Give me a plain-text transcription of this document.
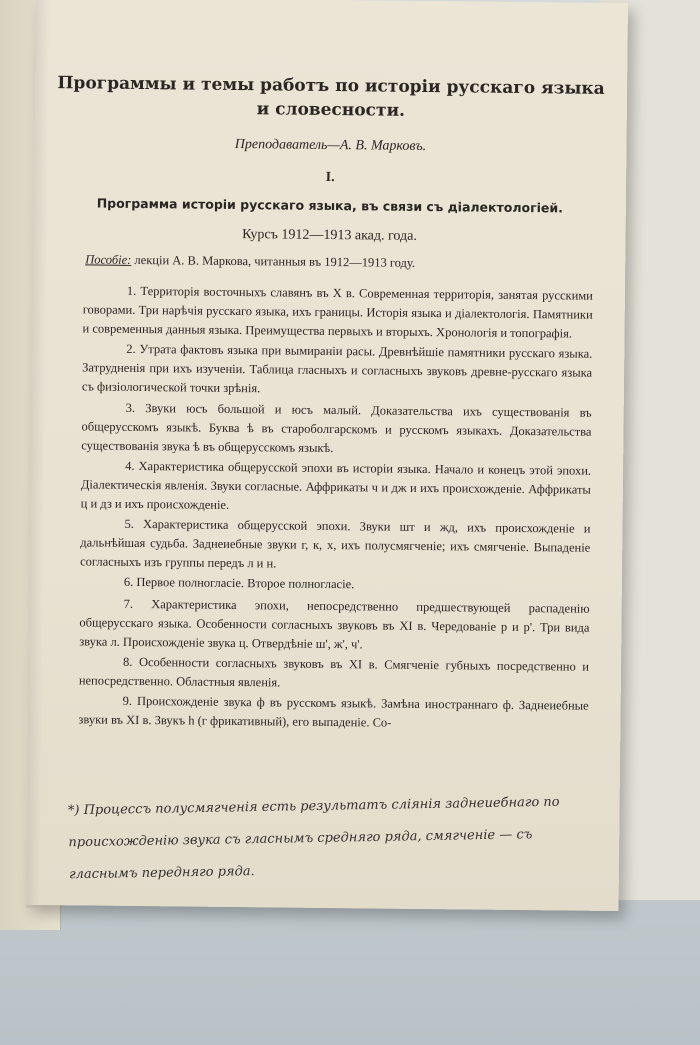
Программы и темы работъ по исторіи русскаго языка и словесности.
Преподаватель—А. В. Марковъ.
I.
Программа исторіи русскаго языка, въ связи съ діалектологіей.
Курсъ 1912—1913 акад. года.
Пособіе: лекціи А. В. Маркова, читанныя въ 1912—1913 году.

1. Территорія восточныхъ славянъ въ X в. Современная территорія, занятая русскими говорами. Три нарѣчія русскаго языка, ихъ границы. Исторія языка и діалектологія. Памятники и современныя данныя языка. Преимущества первыхъ и вторыхъ. Хронологія и топографія.

2. Утрата фактовъ языка при вымираніи расы. Древнѣйшіе памятники русскаго языка. Затрудненія при ихъ изученіи. Таблица гласныхъ и согласныхъ звуковъ древне-русскаго языка съ физіологической точки зрѣнія.

3. Звуки юсъ большой и юсъ малый. Доказательства ихъ существованія въ общерусскомъ языкѣ. Буква ѣ въ староболгарскомъ и русскомъ языкахъ. Доказательства существованія звука ѣ въ общерусскомъ языкѣ.

4. Характеристика общерусской эпохи въ исторіи языка. Начало и конецъ этой эпохи. Діалектическія явленія. Звуки согласные. Аффрикаты ч и дж и ихъ происхожденіе. Аффрикаты ц и дз и ихъ происхожденіе.

5. Характеристика общерусской эпохи. Звуки шт и жд, ихъ происхожденіе и дальнѣйшая судьба. Заднеиебные звуки г, к, х, ихъ полусмягченіе; ихъ смягченіе. Выпаденіе согласныхъ изъ группы передъ л и н.

6. Первое полногласіе. Второе полногласіе.

7. Характеристика эпохи, непосредственно предшествующей распаденію общерусскаго языка. Особенности согласныхъ звуковъ въ XI в. Чередованіе р и р'. Три вида звука л. Происхожденіе звука ц. Отвердѣніе ш', ж', ч'.

8. Особенности согласныхъ звуковъ въ XI в. Смягченіе губныхъ посредственно и непосредственно. Областныя явленія.

9. Происхожденіе звука ф въ русскомъ языкѣ. Замѣна иностраннаго ф. Заднеиебные звуки въ XI в. Звукъ h (г фрикативный), его выпаденіе. Со-

*) Процессъ полусмягченія есть результатъ сліянія заднеиебнаго по происхожденію звука съ гласнымъ средняго ряда, смягченіе — съ гласнымъ передняго ряда.
